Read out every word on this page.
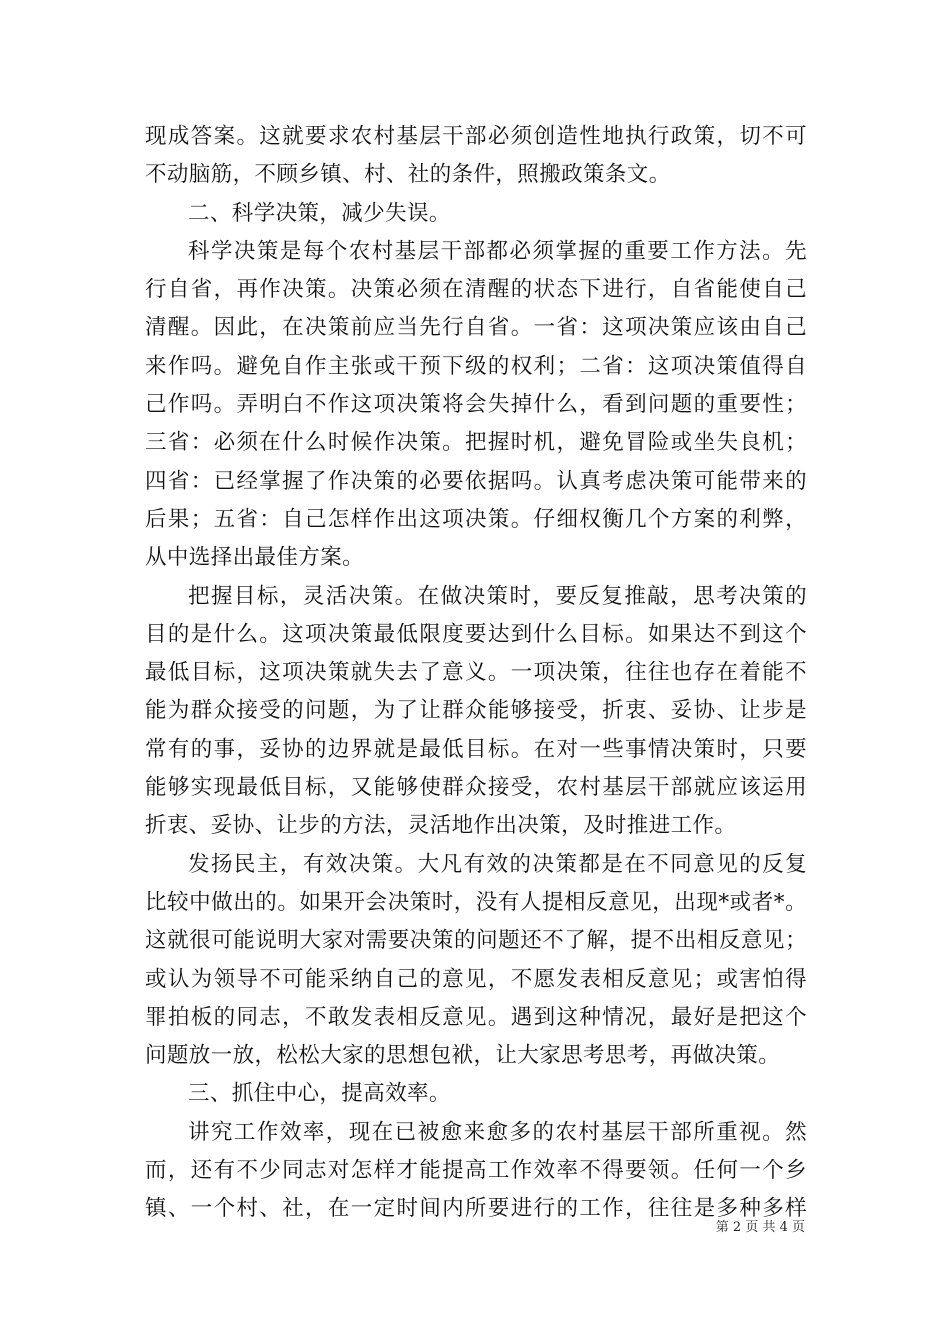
现成答案。这就要求农村基层干部必须创造性地执行政策，切不可
不动脑筋，不顾乡镇、村、社的条件，照搬政策条文。
二、科学决策，减少失误。
科学决策是每个农村基层干部都必须掌握的重要工作方法。先
行自省，再作决策。决策必须在清醒的状态下进行，自省能使自己
清醒。因此，在决策前应当先行自省。一省：这项决策应该由自己
来作吗。避免自作主张或干预下级的权利；二省：这项决策值得自
己作吗。弄明白不作这项决策将会失掉什么，看到问题的重要性；
三省：必须在什么时候作决策。把握时机，避免冒险或坐失良机；
四省：已经掌握了作决策的必要依据吗。认真考虑决策可能带来的
后果；五省：自己怎样作出这项决策。仔细权衡几个方案的利弊，
从中选择出最佳方案。
把握目标，灵活决策。在做决策时，要反复推敲，思考决策的
目的是什么。这项决策最低限度要达到什么目标。如果达不到这个
最低目标，这项决策就失去了意义。一项决策，往往也存在着能不
能为群众接受的问题，为了让群众能够接受，折衷、妥协、让步是
常有的事，妥协的边界就是最低目标。在对一些事情决策时，只要
能够实现最低目标，又能够使群众接受，农村基层干部就应该运用
折衷、妥协、让步的方法，灵活地作出决策，及时推进工作。
发扬民主，有效决策。大凡有效的决策都是在不同意见的反复
比较中做出的。如果开会决策时，没有人提相反意见，出现*或者*。
这就很可能说明大家对需要决策的问题还不了解，提不出相反意见；
或认为领导不可能采纳自己的意见，不愿发表相反意见；或害怕得
罪拍板的同志，不敢发表相反意见。遇到这种情况，最好是把这个
问题放一放，松松大家的思想包袱，让大家思考思考，再做决策。
三、抓住中心，提高效率。
讲究工作效率，现在已被愈来愈多的农村基层干部所重视。然
而，还有不少同志对怎样才能提高工作效率不得要领。任何一个乡
镇、一个村、社，在一定时间内所要进行的工作，往往是多种多样
第 2 页 共 4 页
